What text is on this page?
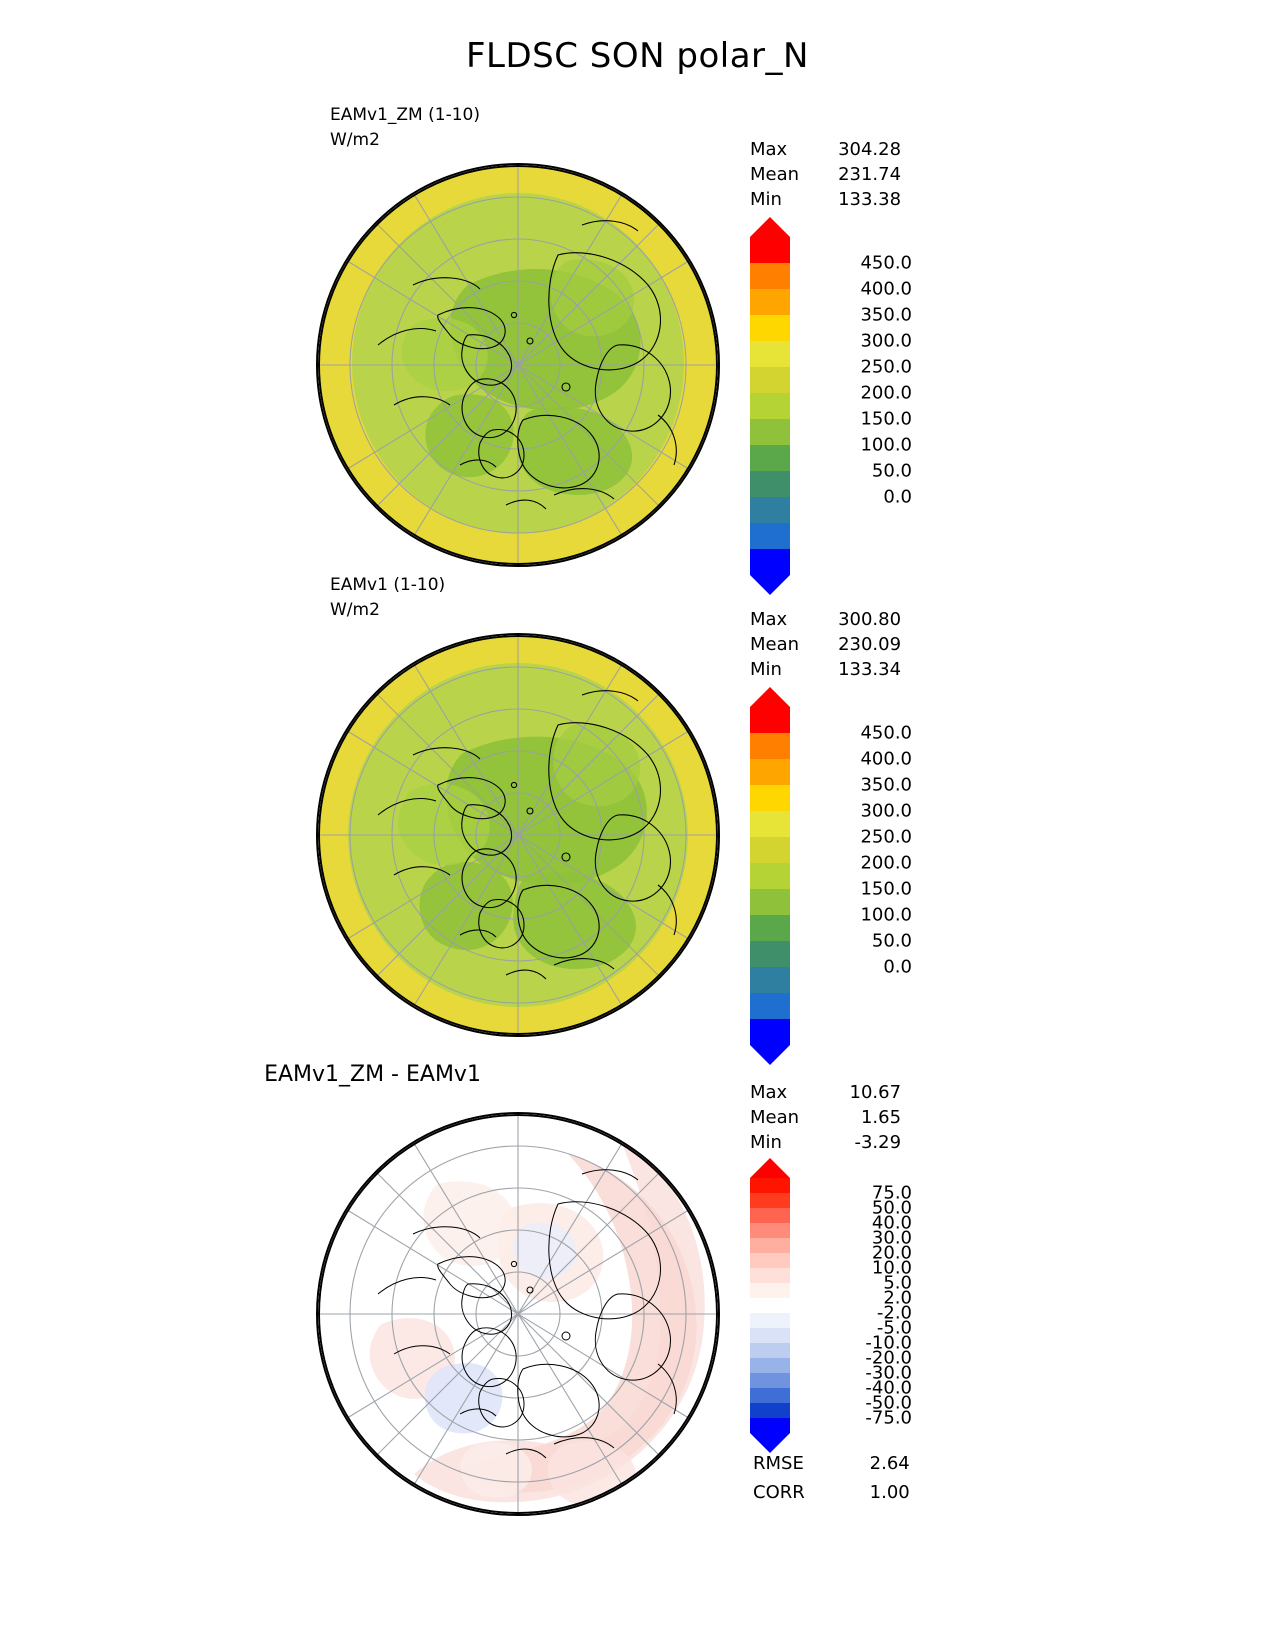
FLDSC SON polar_N
EAMv1_ZM (1-10)
W/m2	Max	304.28
Mean	231.74
Min	133.38
450.0
400.0
350.0
300.0
250.0
200.0
150.0
100.0
50.0
0.0
EAMv1 (1-10)
W/m2	Max	300.80
Mean	230.09
Min	133.34
450.0
400.0
350.0
300.0
250.0
200.0
150.0
100.0
50.0
0.0
EAMv1_ZM - EAMv1
Max	10.67
Mean	1.65
Min	-3.29
75.0
50.0
40.0
30.0
20.0
10.0
5.0
2.0
-2.0
-5.0
-10.0
-20.0
-30.0
-40.0
-50.0
-75.0
RMSE	2.64
CORR	1.00
